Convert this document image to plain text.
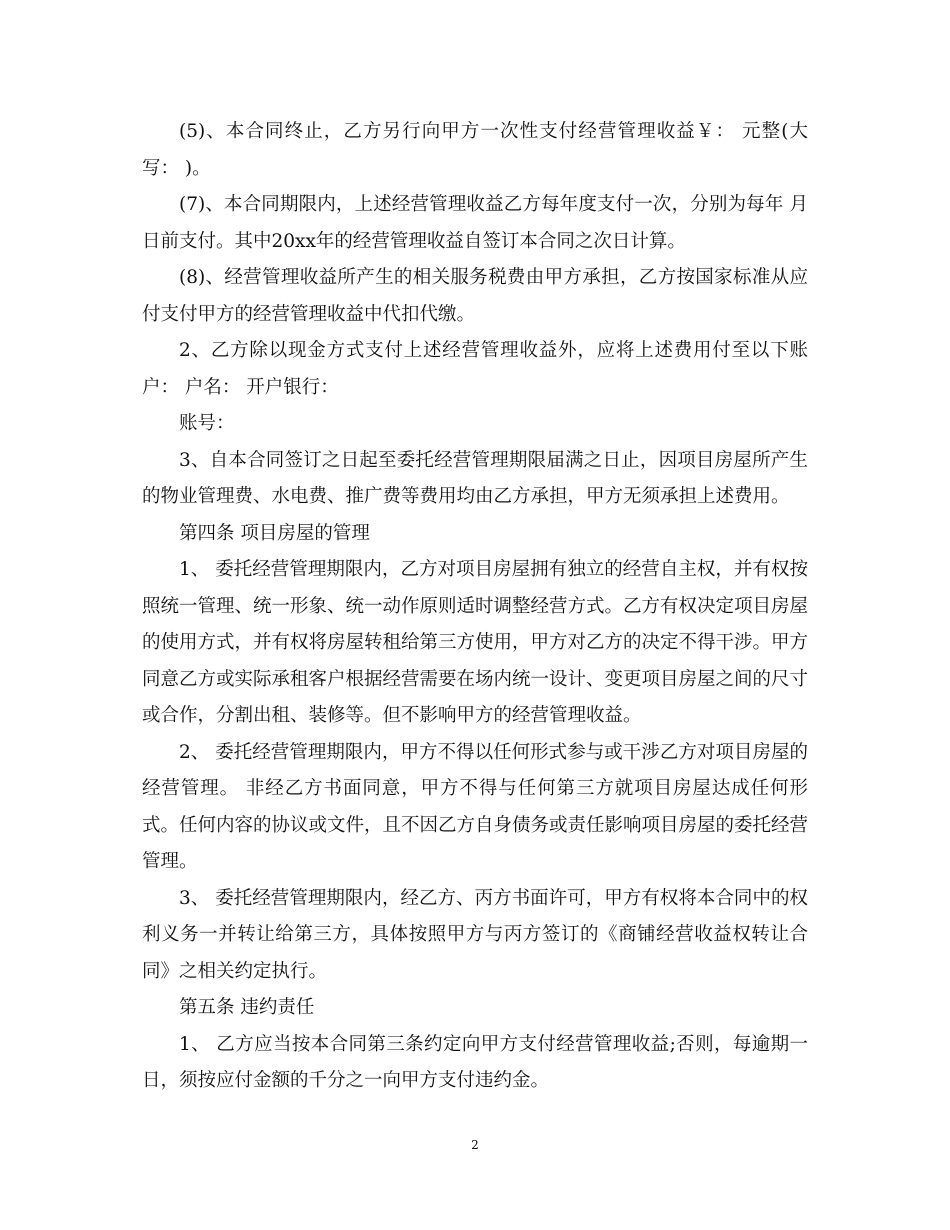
(5)、本合同终止，乙方另行向甲方一次性支付经营管理收益￥： 元整(大写： )。

(7)、本合同期限内，上述经营管理收益乙方每年度支付一次，分别为每年 月 日前支付。其中20xx年的经营管理收益自签订本合同之次日计算。

(8)、经营管理收益所产生的相关服务税费由甲方承担，乙方按国家标准从应付支付甲方的经营管理收益中代扣代缴。

2、乙方除以现金方式支付上述经营管理收益外，应将上述费用付至以下账户： 户名： 开户银行：

账号：

3、自本合同签订之日起至委托经营管理期限届满之日止，因项目房屋所产生的物业管理费、水电费、推广费等费用均由乙方承担，甲方无须承担上述费用。

第四条 项目房屋的管理

1、 委托经营管理期限内，乙方对项目房屋拥有独立的经营自主权，并有权按照统一管理、统一形象、统一动作原则适时调整经营方式。乙方有权决定项目房屋的使用方式，并有权将房屋转租给第三方使用，甲方对乙方的决定不得干涉。甲方同意乙方或实际承租客户根据经营需要在场内统一设计、变更项目房屋之间的尺寸或合作，分割出租、装修等。但不影响甲方的经营管理收益。

2、 委托经营管理期限内，甲方不得以任何形式参与或干涉乙方对项目房屋的经营管理。 非经乙方书面同意，甲方不得与任何第三方就项目房屋达成任何形式。任何内容的协议或文件，且不因乙方自身债务或责任影响项目房屋的委托经营管理。

3、 委托经营管理期限内，经乙方、丙方书面许可，甲方有权将本合同中的权利义务一并转让给第三方，具体按照甲方与丙方签订的《商铺经营收益权转让合同》之相关约定执行。

第五条 违约责任

1、 乙方应当按本合同第三条约定向甲方支付经营管理收益;否则，每逾期一日，须按应付金额的千分之一向甲方支付违约金。

2
